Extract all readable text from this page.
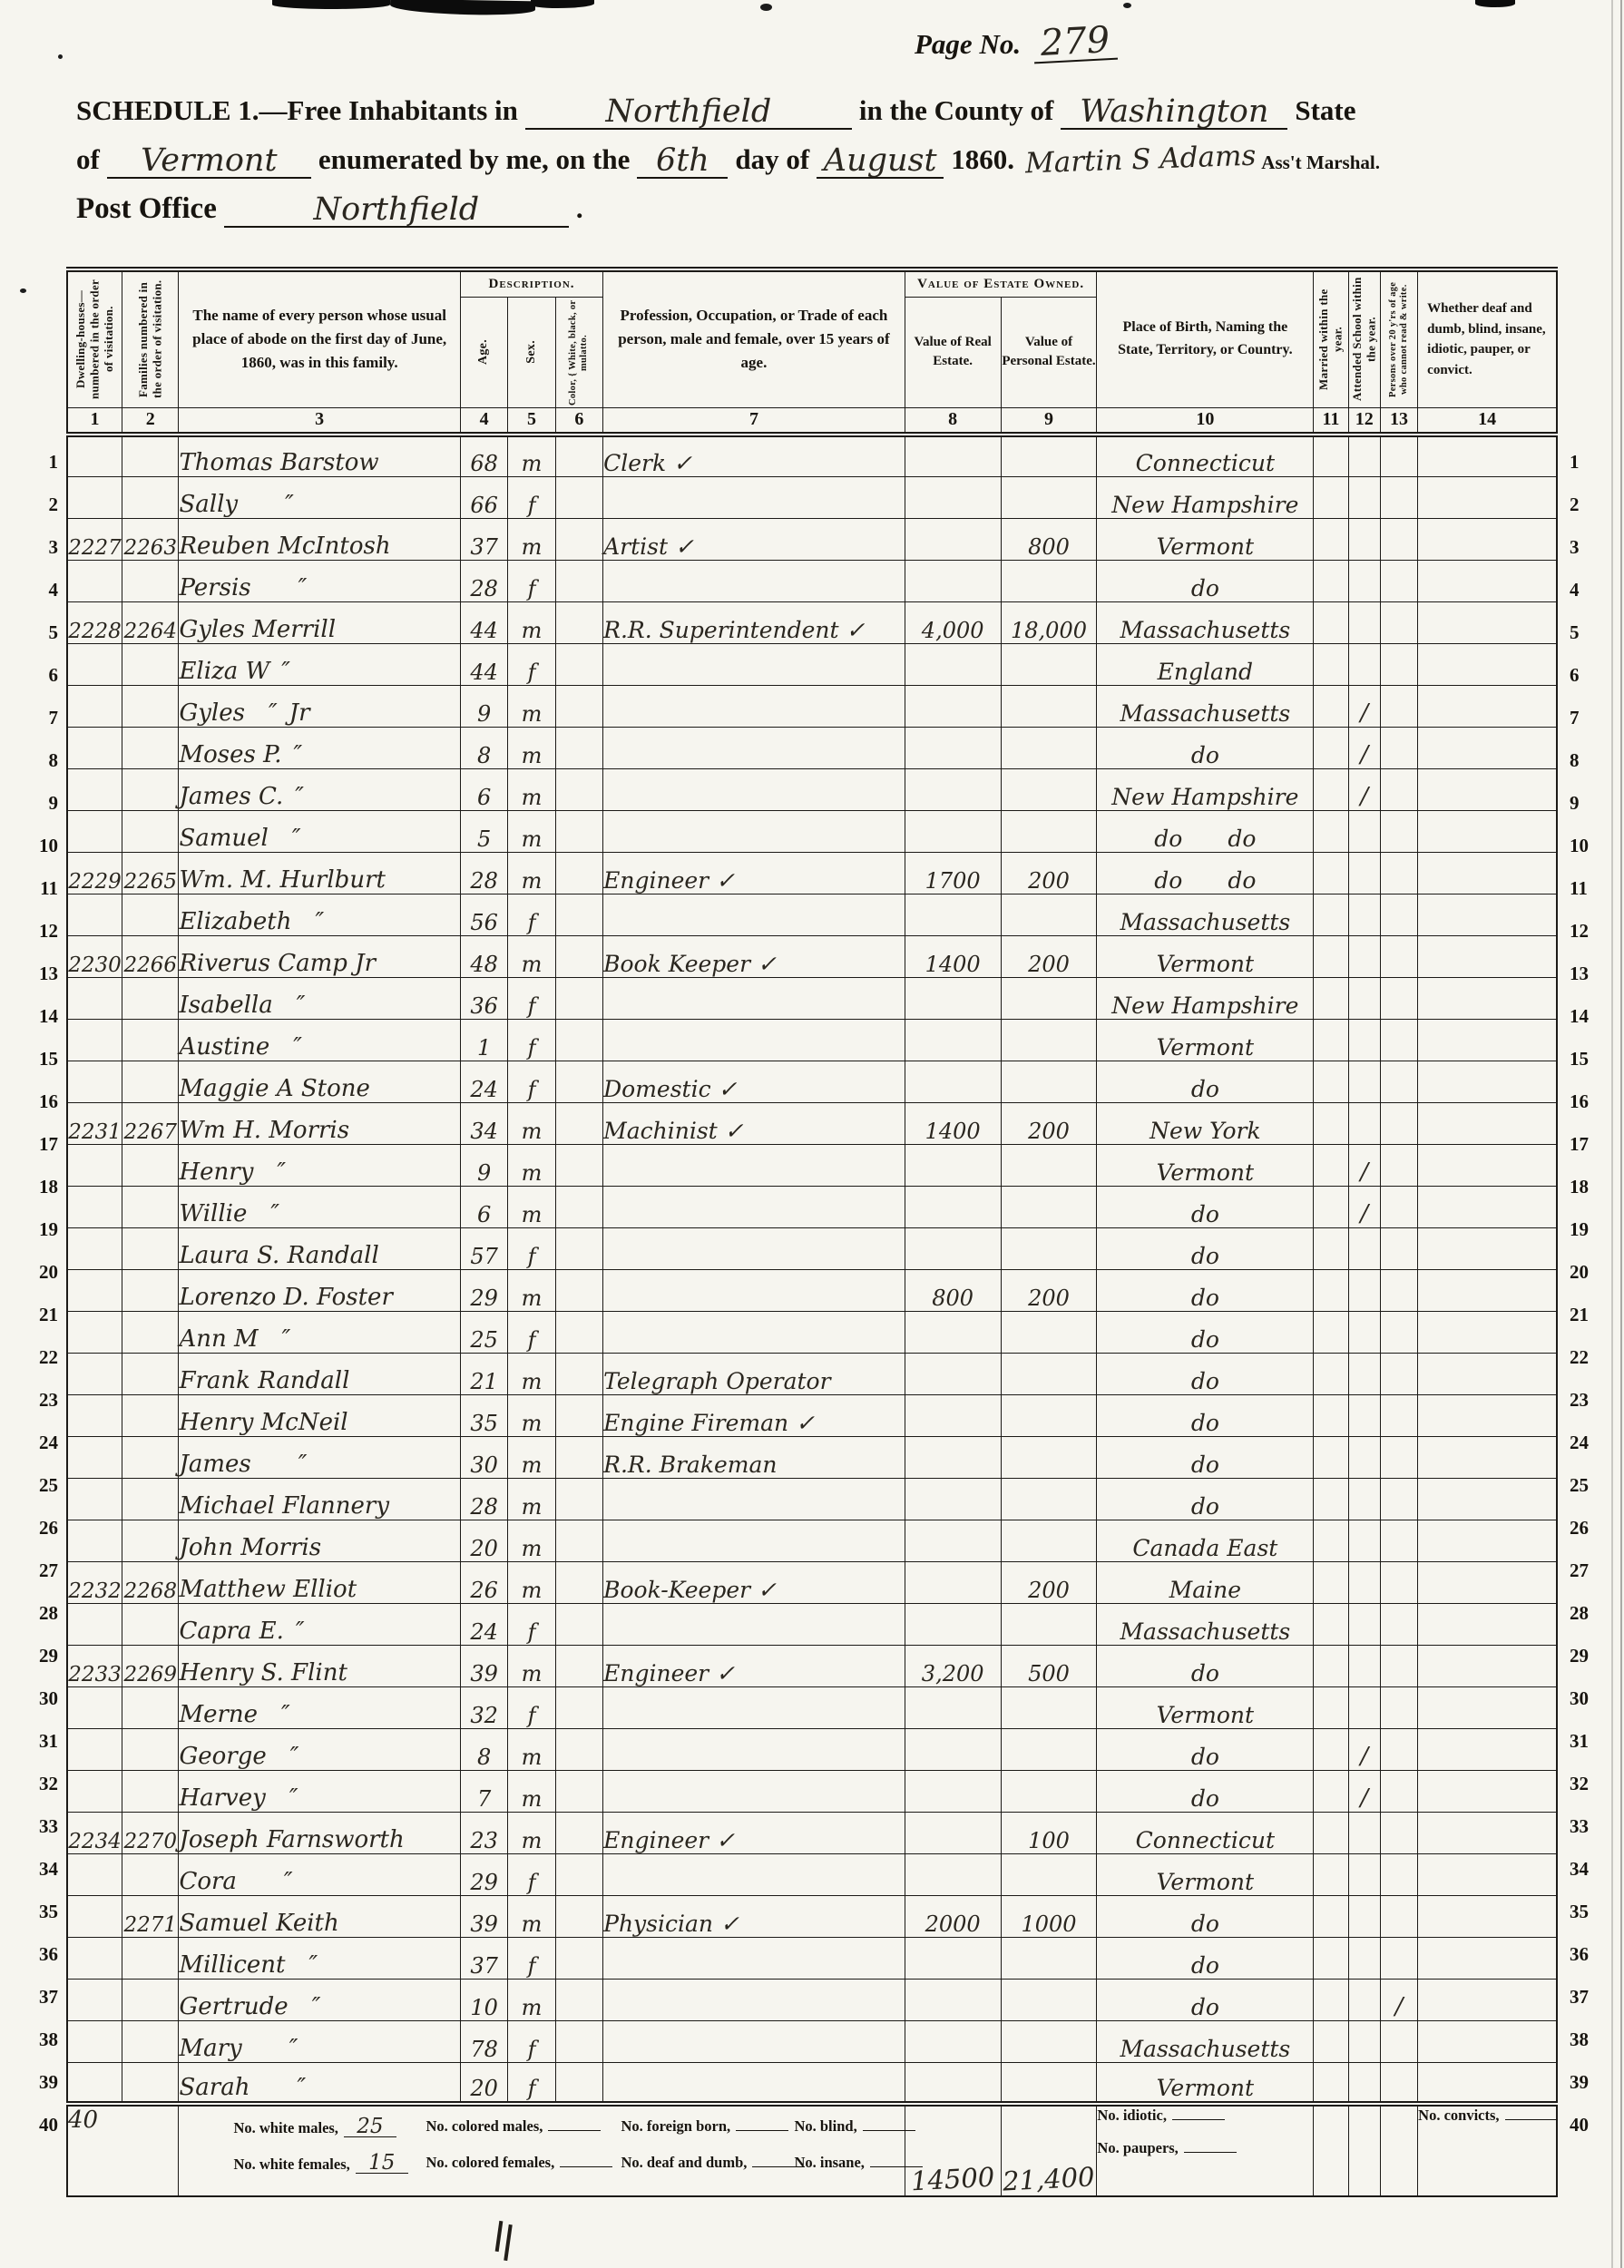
Page No. 279
SCHEDULE 1.—Free Inhabitants in	Northfield	in the County of Washington State
of	Vermont	enumerated by me, on the 6th day of August 1860. Martin S Adams Ass't Marshal.
Post Office	Northfield	.
Dwelling-houses— numbered in the order of visitation.	Families numbered in the order of visitation.	The name of every person whose usual place of abode on the first day of June, 1860, was in this family.	Description.			Profession, Occupation, or Trade of each person, male and female, over 15 years of age.	Value of Estate Owned.		Place of Birth, Naming the State, Territory, or Country.	Married within the year.	Attended School within the year.	Persons over 20 y'rs of age who cannot read & write.	Whether deaf and dumb, blind, insane, idiotic, pauper, or convict.

			Age.	Sex.	Color, { White, black, or mulatto.		Value of Real Estate.	Value of Personal Estate.					
1	2	3	4	5	6	7	8	9	10	11	12	13	14
		Thomas Barstow	68	m		Clerk ✓			Connecticut				
		Sally  ″	66	f					New Hampshire				
2227	2263	Reuben McIntosh	37	m		Artist ✓		800	Vermont				
		Persis  ″	28	f					do				
2228	2264	Gyles Merrill	44	m		R.R. Superintendent ✓	4,000	18,000	Massachusetts				
		Eliza W ″	44	f					England				
		Gyles ″ Jr	9	m					Massachusetts		∕		
		Moses P. ″	8	m					do		∕		
		James C. ″	6	m					New Hampshire		∕		
		Samuel ″	5	m					do  do				
2229	2265	Wm. M. Hurlburt	28	m		Engineer ✓	1700	200	do  do				
		Elizabeth ″	56	f					Massachusetts				
2230	2266	Riverus Camp Jr	48	m		Book Keeper ✓	1400	200	Vermont				
		Isabella ″	36	f					New Hampshire				
		Austine ″	1	f					Vermont				
		Maggie A Stone	24	f		Domestic ✓			do				
2231	2267	Wm H. Morris	34	m		Machinist ✓	1400	200	New York				
		Henry ″	9	m					Vermont		∕		
		Willie ″	6	m					do		∕		
		Laura S. Randall	57	f					do				
		Lorenzo D. Foster	29	m			800	200	do				
		Ann M ″	25	f					do				
		Frank Randall	21	m		Telegraph Operator			do				
		Henry McNeil	35	m		Engine Fireman ✓			do				
		James  ″	30	m		R.R. Brakeman			do				
		Michael Flannery	28	m					do				
		John Morris	20	m					Canada East				
2232	2268	Matthew Elliot	26	m		Book-Keeper ✓		200	Maine				
		Capra E. ″	24	f					Massachusetts				
2233	2269	Henry S. Flint	39	m		Engineer ✓	3,200	500	do				
		Merne ″	32	f					Vermont				
		George ″	8	m					do		∕		
		Harvey ″	7	m					do		∕		
2234	2270	Joseph Farnsworth	23	m		Engineer ✓		100	Connecticut				
		Cora  ″	29	f					Vermont				
	2271	Samuel Keith	39	m		Physician ✓	2000	1000	do				
		Millicent ″	37	f					do				
		Gertrude ″	10	m					do			∕	
		Mary  ″	78	f					Massachusetts				
		Sarah  ″	20	f					Vermont				
40	No. white males, 25	No. colored males,	No. foreign born,	No. blind,
No. white females, 15	No. colored females,	No. deaf and dumb,	No. insane,	14500	21,400	
No. idiotic,
No. paupers,

No. convicts,
1
2
3
4
5
6
7
8
9
10
11
12
13
14
15
16
17
18
19
20
21
22
23
24
25
26
27
28
29
30
31
32
33
34
35
36
37
38
39
40
1
2
3
4
5
6
7
8
9
10
11
12
13
14
15
16
17
18
19
20
21
22
23
24
25
26
27
28
29
30
31
32
33
34
35
36
37
38
39
40
